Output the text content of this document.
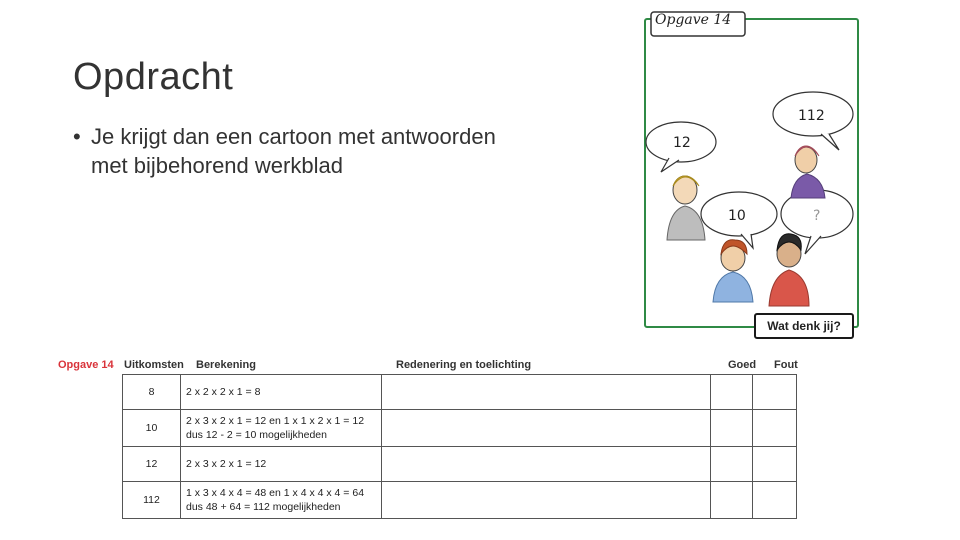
Opdracht
• Je krijgt dan een cartoon met antwoorden
met bijbehorend werkblad
12
112
10	?
Opgave 14
Wat denk jij?
Opgave 14 Uitkomsten Berekening	Redenering en toelichting	Goed Fout
8	2 x 2 x 2 x 1 = 8			

10	2 x 3 x 2 x 1 = 12 en 1 x 1 x 2 x 1 = 12
dus 12 - 2 = 10 mogelijkheden			

12	2 x 3 x 2 x 1 = 12			

112	1 x 3 x 4 x 4 = 48 en 1 x 4 x 4 x 4 = 64
dus 48 + 64 = 112 mogelijkheden			
